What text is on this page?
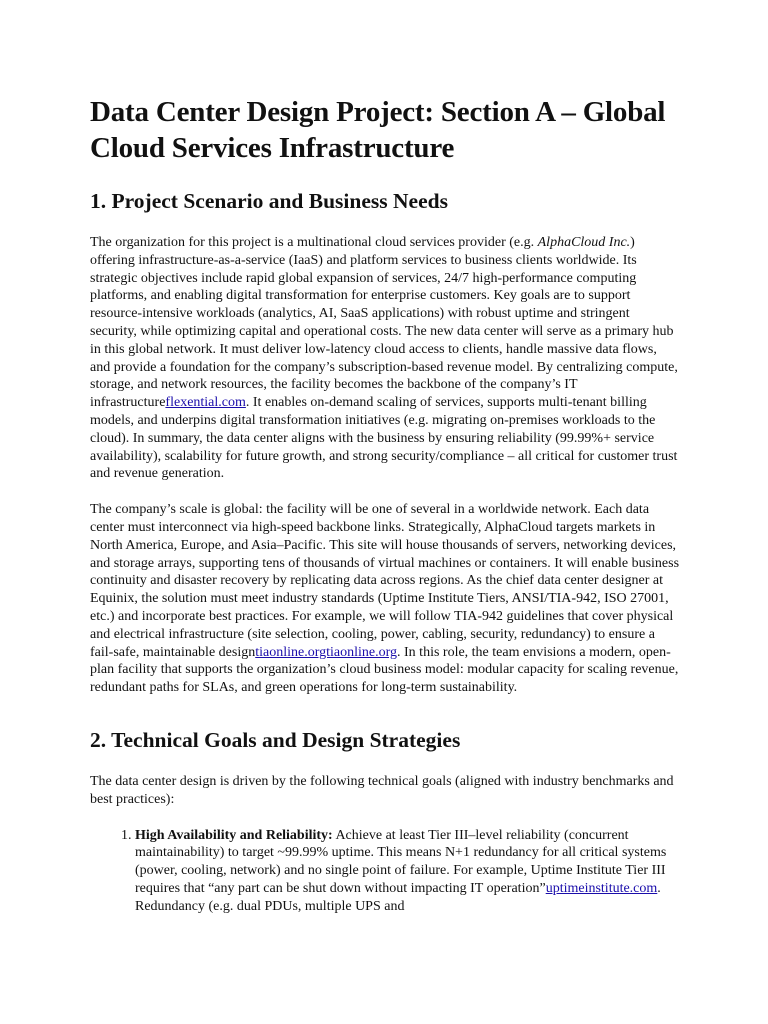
Data Center Design Project: Section A – Global Cloud Services Infrastructure
1. Project Scenario and Business Needs

The organization for this project is a multinational cloud services provider (e.g. AlphaCloud Inc.) offering infrastructure-as-a-service (IaaS) and platform services to business clients worldwide. Its strategic objectives include rapid global expansion of services, 24/7 high-performance computing platforms, and enabling digital transformation for enterprise customers. Key goals are to support resource-intensive workloads (analytics, AI, SaaS applications) with robust uptime and stringent security, while optimizing capital and operational costs. The new data center will serve as a primary hub in this global network. It must deliver low-latency cloud access to clients, handle massive data flows, and provide a foundation for the company’s subscription-based revenue model. By centralizing compute, storage, and network resources, the facility becomes the backbone of the company’s IT infrastructureflexential.com. It enables on-demand scaling of services, supports multi-tenant billing models, and underpins digital transformation initiatives (e.g. migrating on-premises workloads to the cloud). In summary, the data center aligns with the business by ensuring reliability (99.99%+ service availability), scalability for future growth, and strong security/compliance – all critical for customer trust and revenue generation.

The company’s scale is global: the facility will be one of several in a worldwide network. Each data center must interconnect via high-speed backbone links. Strategically, AlphaCloud targets markets in North America, Europe, and Asia–Pacific. This site will house thousands of servers, networking devices, and storage arrays, supporting tens of thousands of virtual machines or containers. It will enable business continuity and disaster recovery by replicating data across regions. As the chief data center designer at Equinix, the solution must meet industry standards (Uptime Institute Tiers, ANSI/TIA-942, ISO 27001, etc.) and incorporate best practices. For example, we will follow TIA-942 guidelines that cover physical and electrical infrastructure (site selection, cooling, power, cabling, security, redundancy) to ensure a fail-safe, maintainable designtiaonline.orgtiaonline.org. In this role, the team envisions a modern, open-plan facility that supports the organization’s cloud business model: modular capacity for scaling revenue, redundant paths for SLAs, and green operations for long-term sustainability.

2. Technical Goals and Design Strategies

The data center design is driven by the following technical goals (aligned with industry benchmarks and best practices):

1. High Availability and Reliability: Achieve at least Tier III–level reliability (concurrent maintainability) to target ~99.99% uptime. This means N+1 redundancy for all critical systems (power, cooling, network) and no single point of failure. For example, Uptime Institute Tier III requires that “any part can be shut down without impacting IT operation”uptimeinstitute.com. Redundancy (e.g. dual PDUs, multiple UPS and
